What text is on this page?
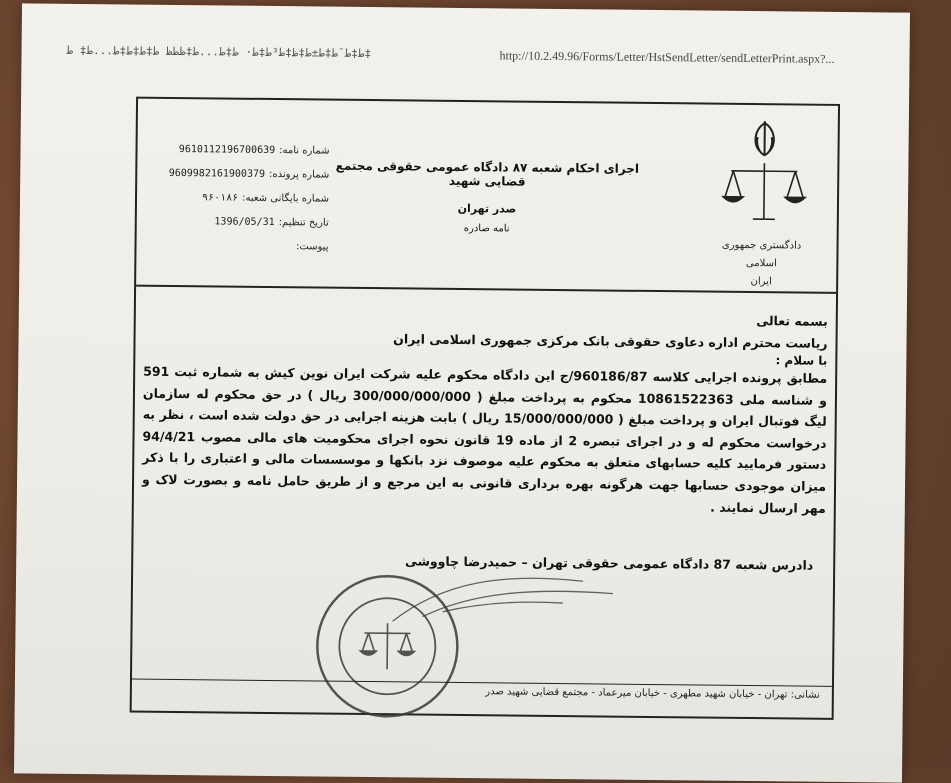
‫‡ط‡ط¯ط‡ط±ط‡ظ‡ط³ط‡ط· ط‡ط...ط‡ظطظ ط‡ط‡ط‡ط...ط‡ ط	http://10.2.49.96/Forms/Letter/HstSendLetter/sendLetterPrint.aspx?...
شماره نامه:
9610112196700639
شماره پرونده:
9609982161900379
شماره بایگانی شعبه:
۹۶۰۱۸۶
تاریخ تنظیم:
1396/05/31
پیوست:
اجرای احکام شعبه ۸۷ دادگاه عمومی حقوقی مجتمع قضایی شهید
صدر تهران
نامه صادره
دادگستری جمهوری اسلامی
ایران
بسمه تعالی
ریاست محترم اداره دعاوی حقوقی بانک مرکزی جمهوری اسلامی ایران
با سلام :
مطابق پرونده اجرایی کلاسه 960186/87/ج این دادگاه محکوم علیه شرکت ایران نوین کیش به شماره ثبت 591 و شناسه ملی 10861522363 محکوم به پرداخت مبلغ ( 300/000/000/000 ریال ) در حق محکوم له سازمان لیگ فوتبال ایران و پرداخت مبلغ ( 15/000/000/000 ریال ) بابت هزینه اجرایی در حق دولت شده است ، نظر به درخواست محکوم له و در اجرای تبصره 2 از ماده 19 قانون نحوه اجرای محکومیت های مالی مصوب 94/4/21 دستور فرمایید کلیه حسابهای متعلق به محکوم علیه موصوف نزد بانکها و موسسسات مالی و اعتباری را با ذکر میزان موجودی حسابها جهت هرگونه بهره برداری قانونی به این مرجع و از طریق حامل نامه و بصورت لاک و مهر ارسال نمایند .
دادرس شعبه 87 دادگاه عمومی حقوقی تهران – حمیدرضا چاووشی
نشانی: تهران - خیابان شهید مطهری - خیابان میرعماد - مجتمع قضایی شهید صدر
